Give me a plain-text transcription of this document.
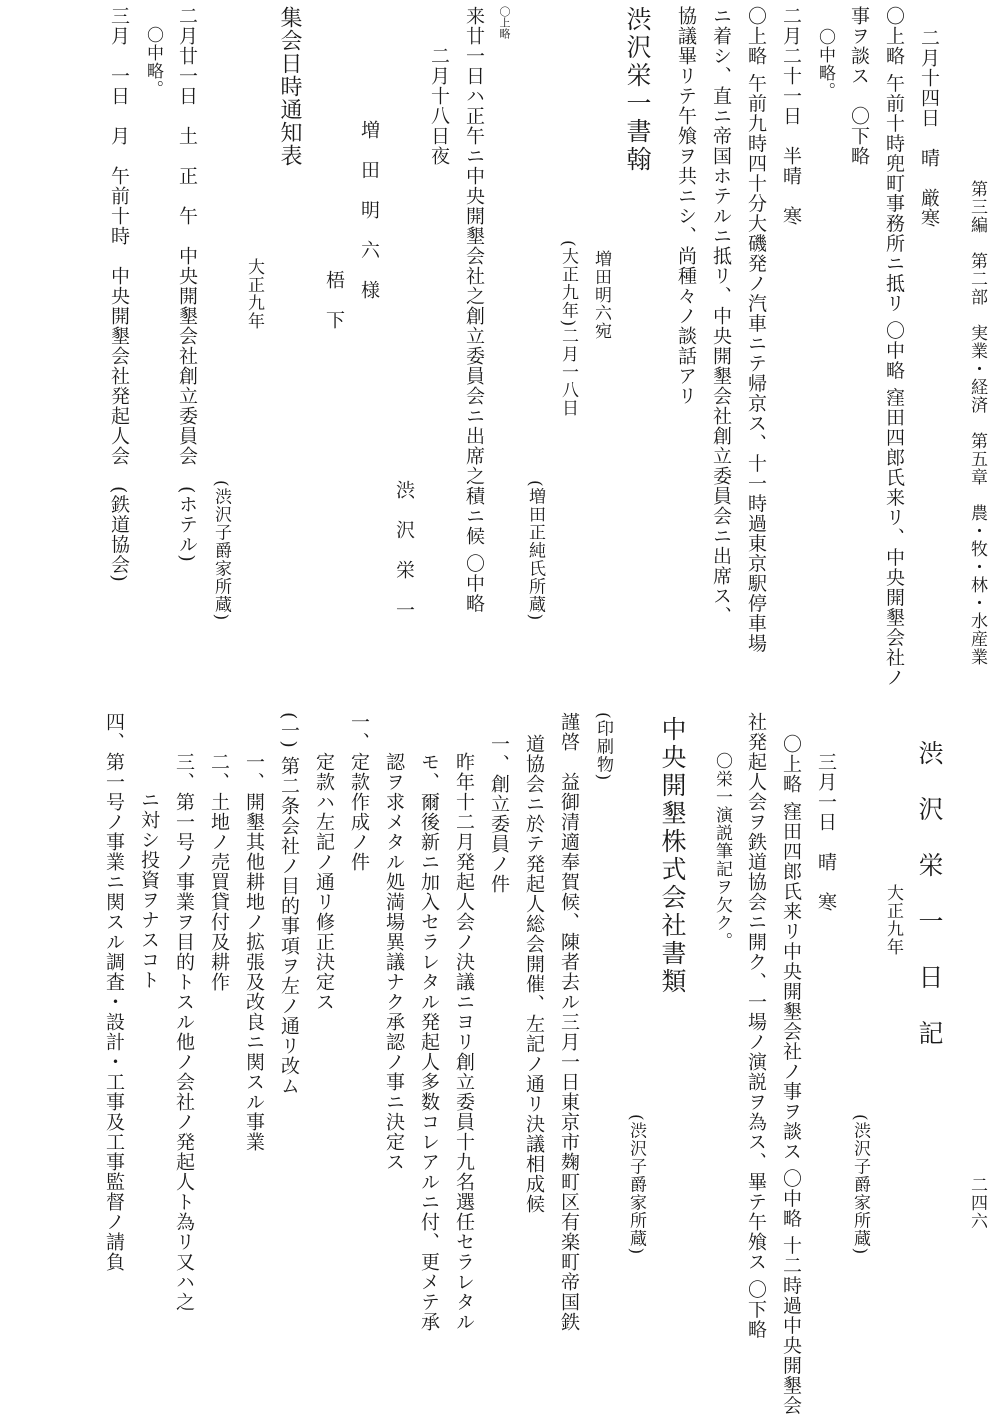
第三編　第二部　実業・経済　第五章　農・牧・林・水産業
二月十四日　晴　厳寒
〇上略 午前十時兜町事務所ニ抵リ 〇中略 窪田四郎氏来リ、中央開墾会社ノ
事ヲ談ス　〇下略
〇中略。
二月二十一日　半晴　寒
〇上略 午前九時四十分大磯発ノ汽車ニテ帰京ス、十一時過東京駅停車場
ニ着シ、直ニ帝国ホテルニ抵リ、中央開墾会社創立委員会ニ出席ス、
協議畢リテ午飧ヲ共ニシ、尚種々ノ談話アリ
渋沢栄一書翰
増田明六宛
(大正九年)二月一八日
(増田正純氏所蔵)
〇上略
来廿一日ハ正午ニ中央開墾会社之創立委員会ニ出席之積ニ候 〇中略
二月十八日夜
渋　沢　栄　一
増　田　明　六　様
梧　下
集会日時通知表
大正九年
(渋沢子爵家所蔵)
二月廿一日　土　正　午　中央開墾会社創立委員会　(ホテル)
〇中略。
三月　一日　月　午前十時　中央開墾会社発起人会　(鉄道協会)
二四六
渋　沢　栄　一　日　記
大正九年
(渋沢子爵家所蔵)
三月一日　晴　寒
〇上略 窪田四郎氏来リ中央開墾会社ノ事ヲ談ス 〇中略 十二時過中央開墾会
社発起人会ヲ鉄道協会ニ開ク、一場ノ演説ヲ為ス、畢テ午飧ス 〇下略
〇栄一演説筆記ヲ欠ク。
中央開墾株式会社書類
(渋沢子爵家所蔵)
(印刷物)
謹啓　益御清適奉賀候、陳者去ル三月一日東京市麹町区有楽町帝国鉄
道協会ニ於テ発起人総会開催、左記ノ通リ決議相成候
一、創立委員ノ件
昨年十二月発起人会ノ決議ニヨリ創立委員十九名選任セラレタル
モ、爾後新ニ加入セラレタル発起人多数コレアルニ付、更メテ承
認ヲ求メタル処満場異議ナク承認ノ事ニ決定ス
一、定款作成ノ件
定款ハ左記ノ通リ修正決定ス
(一) 第二条会社ノ目的事項ヲ左ノ通リ改ム
一、開墾其他耕地ノ拡張及改良ニ関スル事業
二、土地ノ売買貸付及耕作
三、第一号ノ事業ヲ目的トスル他ノ会社ノ発起人ト為リ又ハ之
ニ対シ投資ヲナスコト
四、第一号ノ事業ニ関スル調査・設計・工事及工事監督ノ請負
